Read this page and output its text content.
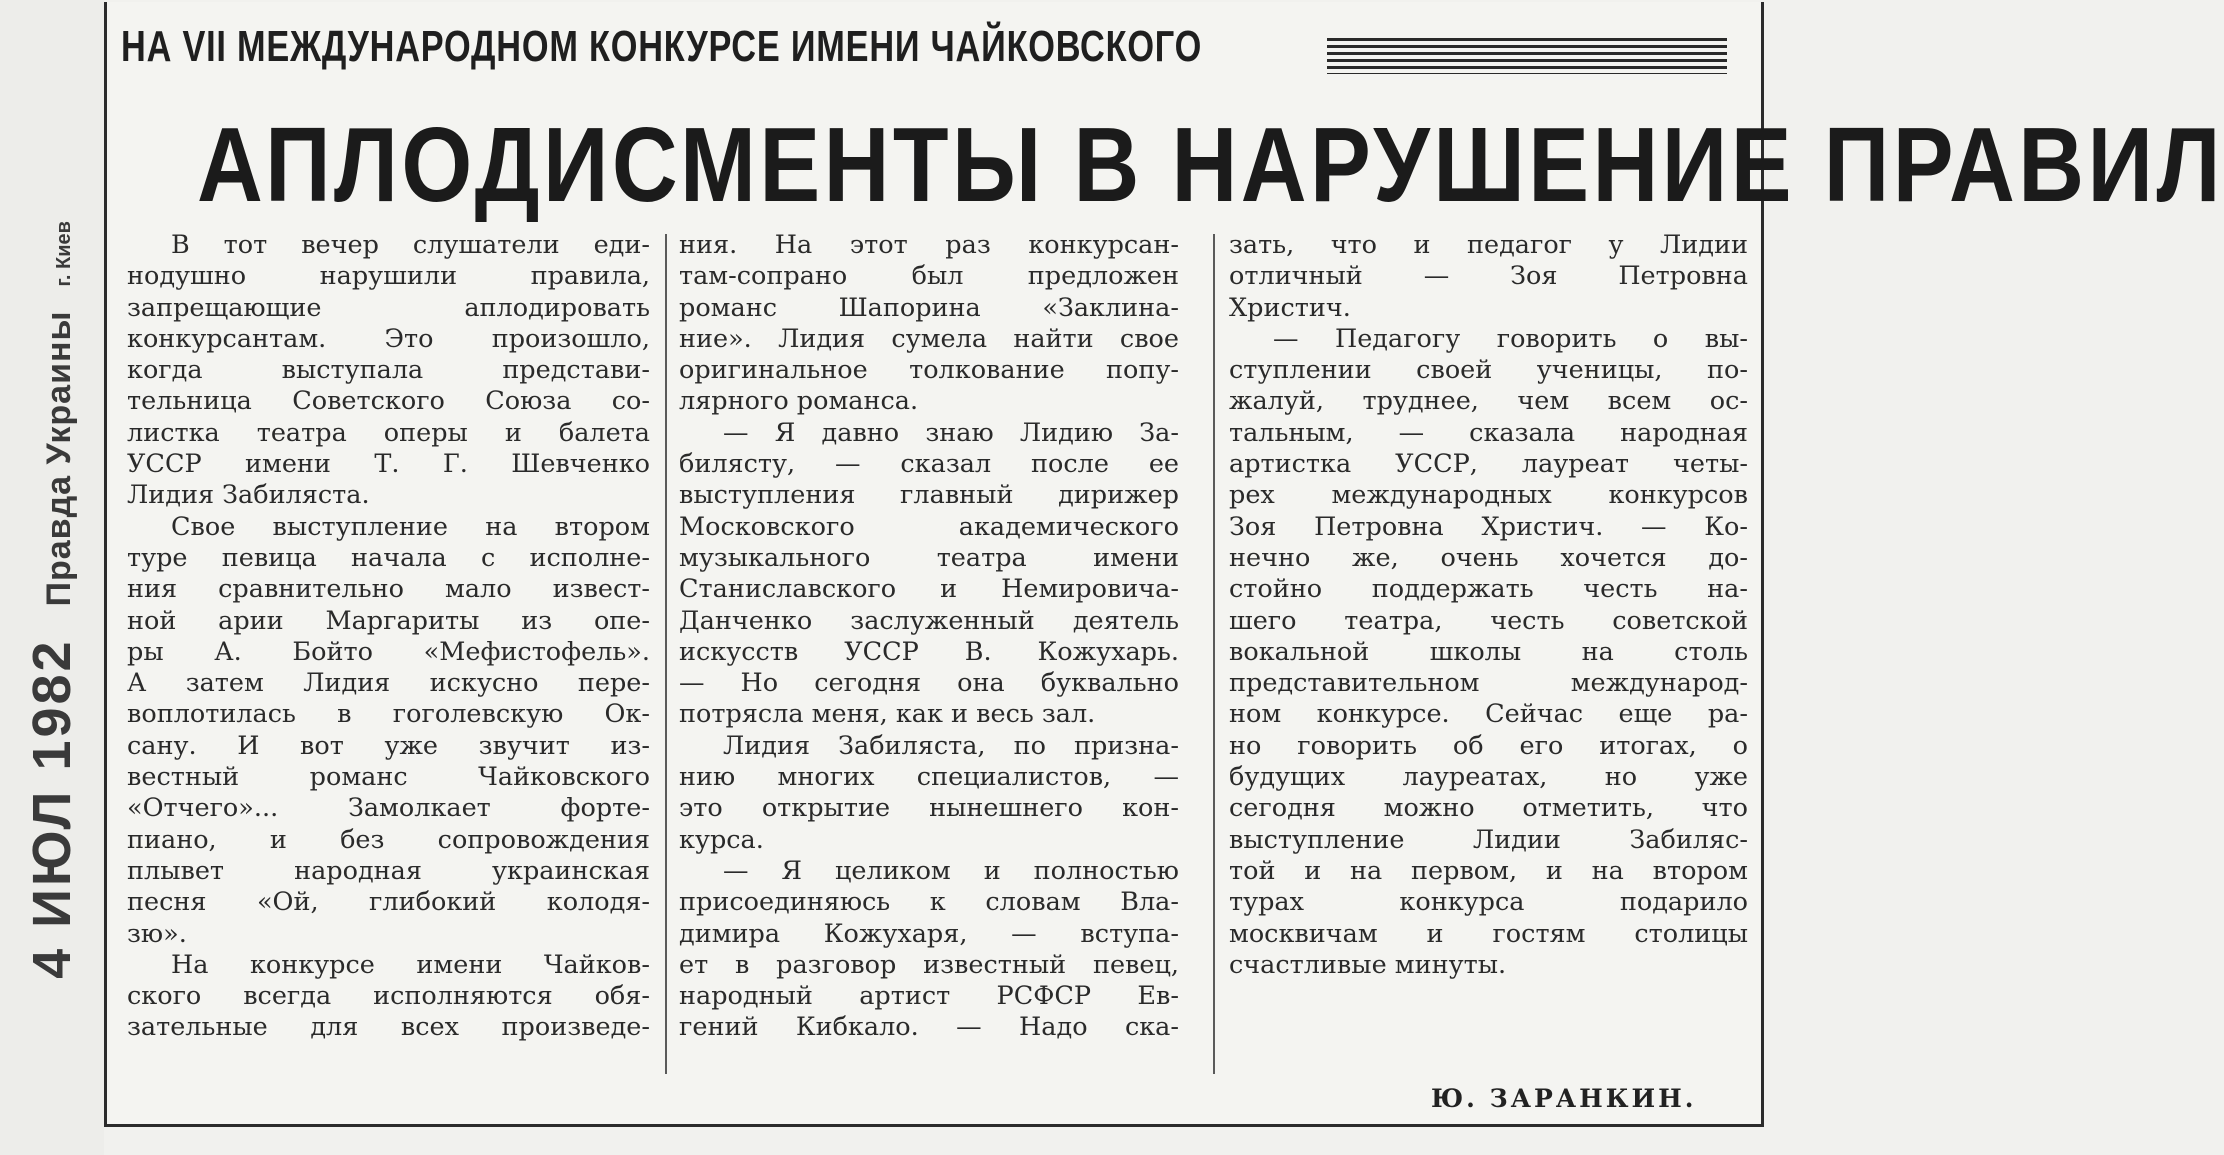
4 ИЮЛ 1982
Правда Украины
г. Киев
НА VII МЕЖДУНАРОДНОМ КОНКУРСЕ ИМЕНИ ЧАЙКОВСКОГО
АПЛОДИСМЕНТЫ В НАРУШЕНИЕ ПРАВИЛ

В тот вечер слушатели еди-

нодушно нарушили правила,

запрещающие аплодировать

конкурсантам. Это произошло,

когда выступала представи-

тельница Советского Союза со-

листка театра оперы и балета

УССР имени Т. Г. Шевченко

Лидия Забиляста.

Свое выступление на втором

туре певица начала с исполне-

ния сравнительно мало извест-

ной арии Маргариты из опе-

ры А. Бойто «Мефистофель».

А затем Лидия искусно пере-

воплотилась в гоголевскую Ок-

сану. И вот уже звучит из-

вестный романс Чайковского

«Отчего»... Замолкает форте-

пиано, и без сопровождения

плывет народная украинская

песня «Ой, глибокий колодя-

зю».

На конкурсе имени Чайков-

ского всегда исполняются обя-

зательные для всех произведе-

ния. На этот раз конкурсан-

там-сопрано был предложен

романс Шапорина «Заклина-

ние». Лидия сумела найти свое

оригинальное толкование попу-

лярного романса.

— Я давно знаю Лидию За-

билясту, — сказал после ее

выступления главный дирижер

Московского академического

музыкального театра имени

Станиславского и Немировича-

Данченко заслуженный деятель

искусств УССР В. Кожухарь.

— Но сегодня она буквально

потрясла меня, как и весь зал.

Лидия Забиляста, по призна-

нию многих специалистов, —

это открытие нынешнего кон-

курса.

— Я целиком и полностью

присоединяюсь к словам Вла-

димира Кожухаря, — вступа-

ет в разговор известный певец,

народный артист РСФСР Ев-

гений Кибкало. — Надо ска-

зать, что и педагог у Лидии

отличный — Зоя Петровна

Христич.

— Педагогу говорить о вы-

ступлении своей ученицы, по-

жалуй, труднее, чем всем ос-

тальным, — сказала народная

артистка УССР, лауреат четы-

рех международных конкурсов

Зоя Петровна Христич. — Ко-

нечно же, очень хочется до-

стойно поддержать честь на-

шего театра, честь советской

вокальной школы на столь

представительном международ-

ном конкурсе. Сейчас еще ра-

но говорить об его итогах, о

будущих лауреатах, но уже

сегодня можно отметить, что

выступление Лидии Забиляс-

той и на первом, и на втором

турах конкурса подарило

москвичам и гостям столицы

счастливые минуты.

Ю. ЗАРАНКИН.
